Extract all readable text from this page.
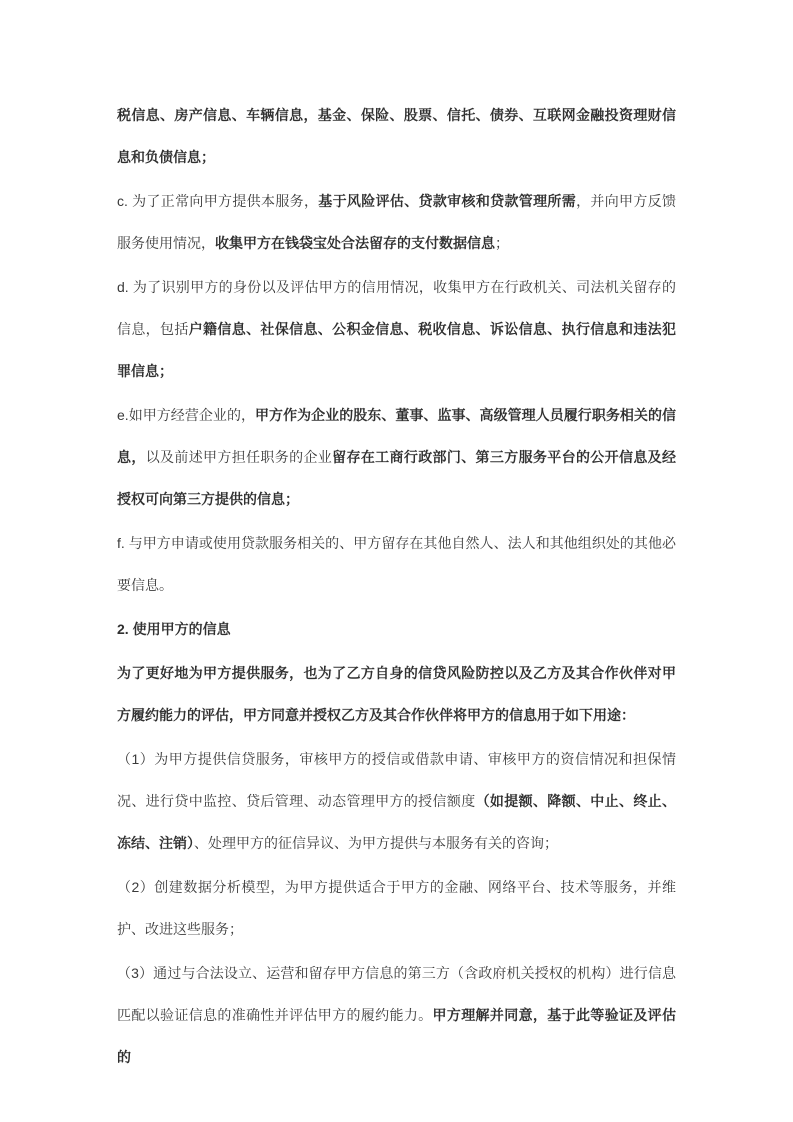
税信息、房产信息、车辆信息，基金、保险、股票、信托、债券、互联网金融投资理财信息和负债信息；

c. 为了正常向甲方提供本服务，基于风险评估、贷款审核和贷款管理所需，并向甲方反馈服务使用情况，收集甲方在钱袋宝处合法留存的支付数据信息；

d. 为了识别甲方的身份以及评估甲方的信用情况，收集甲方在行政机关、司法机关留存的信息，包括户籍信息、社保信息、公积金信息、税收信息、诉讼信息、执行信息和违法犯罪信息；

e.如甲方经营企业的，甲方作为企业的股东、董事、监事、高级管理人员履行职务相关的信息，以及前述甲方担任职务的企业留存在工商行政部门、第三方服务平台的公开信息及经授权可向第三方提供的信息；

f. 与甲方申请或使用贷款服务相关的、甲方留存在其他自然人、法人和其他组织处的其他必要信息。

2. 使用甲方的信息

为了更好地为甲方提供服务，也为了乙方自身的信贷风险防控以及乙方及其合作伙伴对甲方履约能力的评估，甲方同意并授权乙方及其合作伙伴将甲方的信息用于如下用途：

（1）为甲方提供信贷服务，审核甲方的授信或借款申请、审核甲方的资信情况和担保情况、进行贷中监控、贷后管理、动态管理甲方的授信额度（如提额、降额、中止、终止、冻结、注销）、处理甲方的征信异议、为甲方提供与本服务有关的咨询；

（2）创建数据分析模型，为甲方提供适合于甲方的金融、网络平台、技术等服务，并维护、改进这些服务；

（3）通过与合法设立、运营和留存甲方信息的第三方（含政府机关授权的机构）进行信息匹配以验证信息的准确性并评估甲方的履约能力。甲方理解并同意，基于此等验证及评估的
